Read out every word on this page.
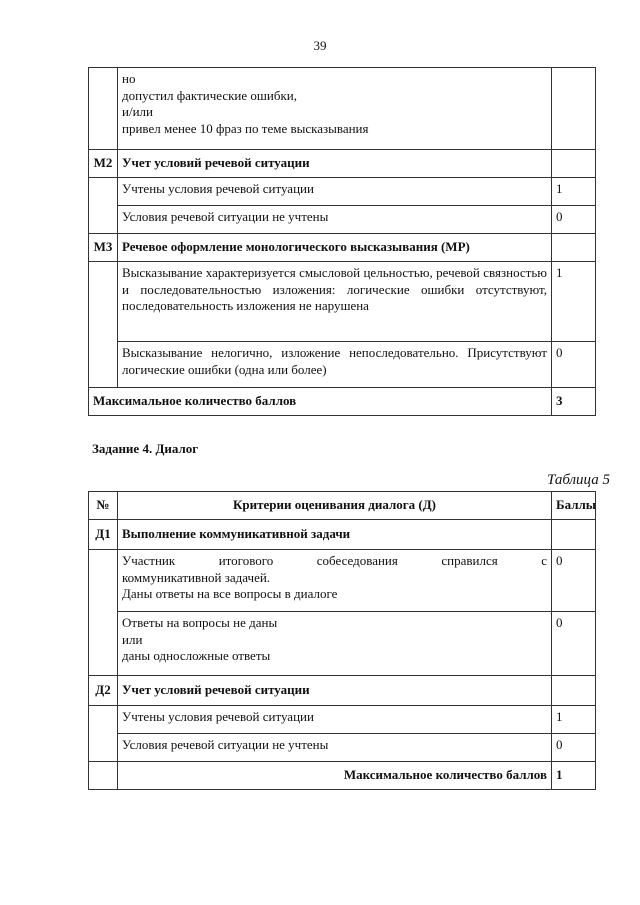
39

	но
допустил фактические ошибки,
и/или
привел менее 10 фраз по теме высказывания	

М2	Учет условий речевой ситуации	
	Учтены условия речевой ситуации	1
	Условия речевой ситуации не учтены	0
М3	Речевое оформление монологического высказывания (МР)	
	Высказывание характеризуется смысловой цельностью, речевой связностью и последовательностью изложения: логические ошибки отсутствуют, последовательность изложения не нарушена	1
	Высказывание нелогично, изложение непоследовательно. Присутствуют логические ошибки (одна или более)	0
Максимальное количество баллов		3
Задание 4. Диалог
Таблица 5
№	Критерии оценивания диалога (Д)	Баллы
Д1	Выполнение коммуникативной задачи	

	Участник итогового собеседования справился с
коммуникативной задачей.
Даны ответы на все вопросы в диалоге	0

	Ответы на вопросы не даны
или
даны односложные ответы	0
Д2	Учет условий речевой ситуации	
	Учтены условия речевой ситуации	1
	Условия речевой ситуации не учтены	0
	Максимальное количество баллов	1
